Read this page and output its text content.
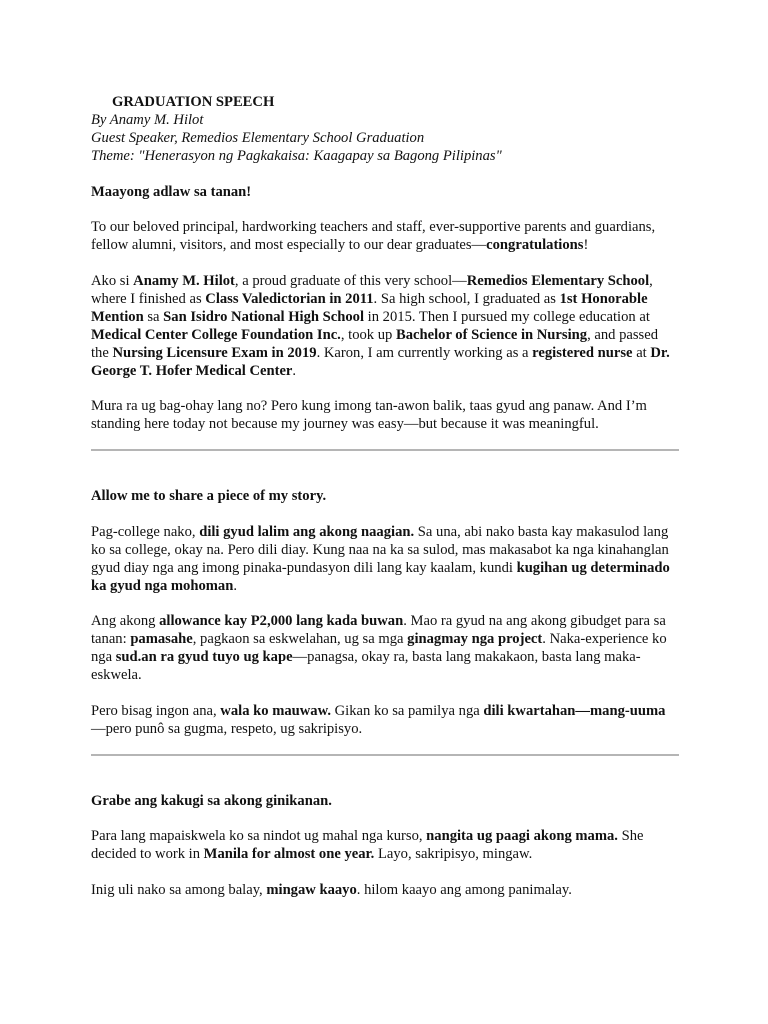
GRADUATION SPEECH
By Anamy M. Hilot
Guest Speaker, Remedios Elementary School Graduation
Theme: "Henerasyon ng Pagkakaisa: Kaagapay sa Bagong Pilipinas"

Maayong adlaw sa tanan!

To our beloved principal, hardworking teachers and staff, ever-supportive parents and guardians, fellow alumni, visitors, and most especially to our dear graduates—congratulations!

Ako si Anamy M. Hilot, a proud graduate of this very school—Remedios Elementary School, where I finished as Class Valedictorian in 2011. Sa high school, I graduated as 1st Honorable Mention sa San Isidro National High School in 2015. Then I pursued my college education at Medical Center College Foundation Inc., took up Bachelor of Science in Nursing, and passed the Nursing Licensure Exam in 2019. Karon, I am currently working as a registered nurse at Dr. George T. Hofer Medical Center.

Mura ra ug bag-ohay lang no? Pero kung imong tan-awon balik, taas gyud ang panaw. And I’m standing here today not because my journey was easy—but because it was meaningful.

Allow me to share a piece of my story.

Pag-college nako, dili gyud lalim ang akong naagian. Sa una, abi nako basta kay makasulod lang ko sa college, okay na. Pero dili diay. Kung naa na ka sa sulod, mas makasabot ka nga kinahanglan gyud diay nga ang imong pinaka-pundasyon dili lang kay kaalam, kundi kugihan ug determinado ka gyud nga mohoman.

Ang akong allowance kay P2,000 lang kada buwan. Mao ra gyud na ang akong gibudget para sa tanan: pamasahe, pagkaon sa eskwelahan, ug sa mga ginagmay nga project. Naka-experience ko nga sud.an ra gyud tuyo ug kape—panagsa, okay ra, basta lang makakaon, basta lang maka-eskwela.

Pero bisag ingon ana, wala ko mauwaw. Gikan ko sa pamilya nga dili kwartahan—mang-uuma—pero punô sa gugma, respeto, ug sakripisyo.

Grabe ang kakugi sa akong ginikanan.

Para lang mapaiskwela ko sa nindot ug mahal nga kurso, nangita ug paagi akong mama. She decided to work in Manila for almost one year. Layo, sakripisyo, mingaw.

Inig uli nako sa among balay, mingaw kaayo. hilom kaayo ang among panimalay.
